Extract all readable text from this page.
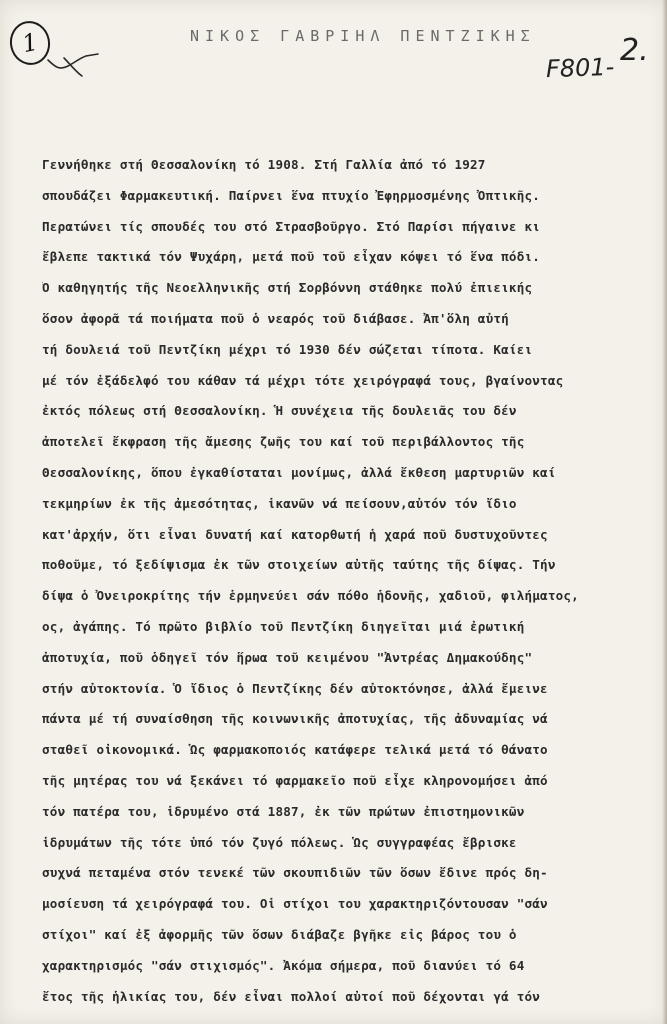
1	ΝΙΚΟΣ ΓΑΒΡΙΗΛ ΠΕΝΤΖΙΚΗΣ
F801- 2.
Γεννήθηκε στή Θεσσαλονίκη τό 1908. Στή Γαλλία ἀπό τό 1927
σπουδάζει Φαρμακευτική. Παίρνει ἕνα πτυχίο Ἐφηρμοσμένης Ὀπτικῆς.
Περατώνει τίς σπουδές του στό Στρασβοῦργο. Στό Παρίσι πήγαινε κι
ἔβλεπε τακτικά τόν Ψυχάρη, μετά ποῦ τοῦ εἶχαν κόψει τό ἕνα πόδι.
Ὁ καθηγητής τῆς Νεοελληνικῆς στή Σορβόννη στάθηκε πολύ ἐπιεικής
ὅσον ἀφορᾶ τά ποιήματα ποῦ ὁ νεαρός τοῦ διάβασε. Ἀπ'ὅλη αὐτή
τή δουλειά τοῦ Πεντζίκη μέχρι τό 1930 δέν σώζεται τίποτα. Καίει
μέ τόν ἐξάδελφό του κάθαν τά μέχρι τότε χειρόγραφά τους, βγαίνοντας
ἐκτός πόλεως στή Θεσσαλονίκη. Ἡ συνέχεια τῆς δουλειᾶς του δέν
ἀποτελεῖ ἔκφραση τῆς ἄμεσης ζωῆς του καί τοῦ περιβάλλοντος τῆς
Θεσσαλονίκης, ὅπου ἐγκαθίσταται μονίμως, ἀλλά ἔκθεση μαρτυριῶν καί
τεκμηρίων ἐκ τῆς ἀμεσότητας, ἱκανῶν νά πείσουν,αὐτόν τόν ἴδιο
κατ'ἀρχήν, ὅτι εἶναι δυνατή καί κατορθωτή ἡ χαρά ποῦ δυστυχοῦντες
ποθοῦμε, τό ξεδίψισμα ἐκ τῶν στοιχείων αὐτῆς ταύτης τῆς δίψας. Τήν
δίψα ὁ Ὀνειροκρίτης τήν ἑρμηνεύει σάν πόθο ἡδονῆς, χαδιοῦ, φιλήματος,
ος, ἀγάπης. Τό πρῶτο βιβλίο τοῦ Πεντζίκη διηγεῖται μιά ἐρωτική
ἀποτυχία, ποῦ ὁδηγεῖ τόν ἥρωα τοῦ κειμένου "Ἀντρέας Δημακούδης"
στήν αὐτοκτονία. Ὁ ἴδιος ὁ Πεντζίκης δέν αὐτοκτόνησε, ἀλλά ἔμεινε
πάντα μέ τή συναίσθηση τῆς κοινωνικῆς ἀποτυχίας, τῆς ἀδυναμίας νά
σταθεῖ οἰκονομικά. Ὡς φαρμακοποιός κατάφερε τελικά μετά τό θάνατο
τῆς μητέρας του νά ξεκάνει τό φαρμακεῖο ποῦ εἶχε κληρονομήσει ἀπό
τόν πατέρα του, ἱδρυμένο στά 1887, ἐκ τῶν πρώτων ἐπιστημονικῶν
ἱδρυμάτων τῆς τότε ὑπό τόν ζυγό πόλεως. Ὡς συγγραφέας ἔβρισκε
συχνά πεταμένα στόν τενεκέ τῶν σκουπιδιῶν τῶν ὅσων ἔδινε πρός δη-
μοσίευση τά χειρόγραφά του. Οἱ στίχοι του χαρακτηριζόντουσαν "σάν
στίχοι" καί ἐξ ἀφορμῆς τῶν ὅσων διάβαζε βγῆκε εἰς βάρος του ὁ
χαρακτηρισμός "σάν στιχισμός". Ἀκόμα σήμερα, ποῦ διανύει τό 64
ἔτος τῆς ἡλικίας του, δέν εἶναι πολλοί αὐτοί ποῦ δέχονται γά τόν
